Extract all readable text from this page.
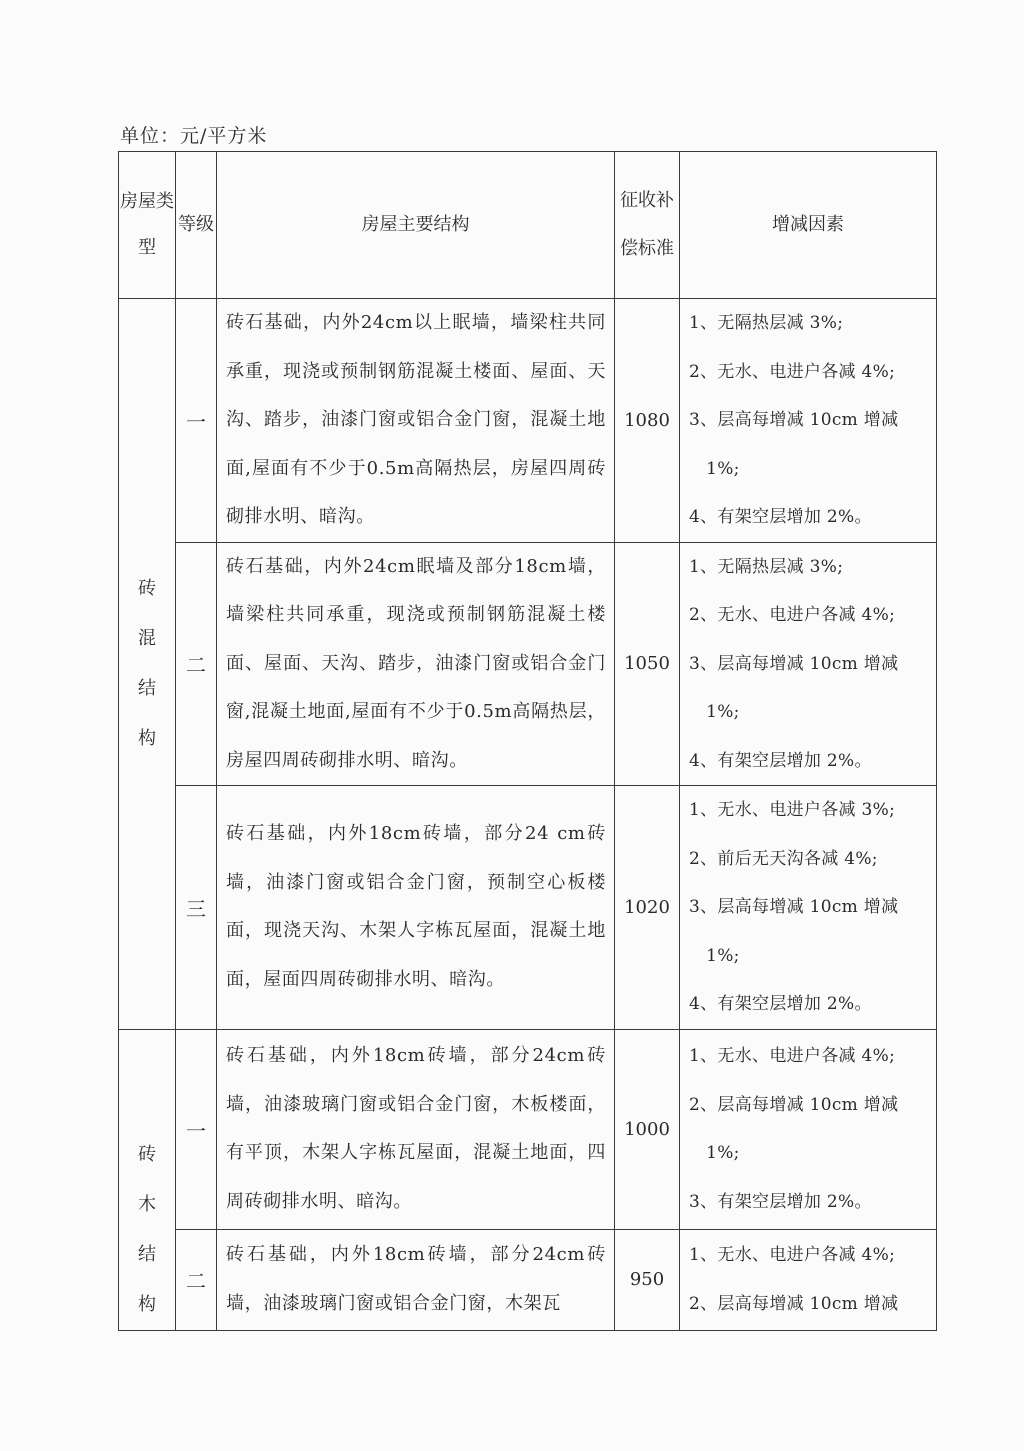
单位：元/平方米
房屋类型	等级	房屋主要结构	征收补偿标准	增减因素
砖混结构	一	砖石基础，内外24cm以上眠墙，墙梁柱共同承重，现浇或预制钢筋混凝土楼面、屋面、天沟、踏步，油漆门窗或铝合金门窗，混凝土地面,屋面有不少于0.5m高隔热层，房屋四周砖砌排水明、暗沟。	1080	1、无隔热层减 3%;
2、无水、电进户各减 4%;
3、层高每增减 10cm 增减
1%;
4、有架空层增加 2%。

	二	砖石基础，内外24cm眠墙及部分18cm墙，墙梁柱共同承重，现浇或预制钢筋混凝土楼面、屋面、天沟、踏步，油漆门窗或铝合金门窗,混凝土地面,屋面有不少于0.5m高隔热层，房屋四周砖砌排水明、暗沟。	1050	1、无隔热层减 3%;
2、无水、电进户各减 4%;
3、层高每增减 10cm 增减
1%;
4、有架空层增加 2%。

	三	砖石基础，内外18cm砖墙，部分24 cm砖墙，油漆门窗或铝合金门窗，预制空心板楼面，现浇天沟、木架人字栋瓦屋面，混凝土地面，屋面四周砖砌排水明、暗沟。	1020	1、无水、电进户各减 3%;
2、前后无天沟各减 4%;
3、层高每增减 10cm 增减
1%;
4、有架空层增加 2%。

砖木结构	一	砖石基础，内外18cm砖墙，部分24cm砖墙，油漆玻璃门窗或铝合金门窗，木板楼面，有平顶，木架人字栋瓦屋面，混凝土地面，四周砖砌排水明、暗沟。	1000	1、无水、电进户各减 4%;
2、层高每增减 10cm 增减
1%;
3、有架空层增加 2%。

	二	砖石基础，内外18cm砖墙，部分24cm砖墙，油漆玻璃门窗或铝合金门窗，木架瓦	950	1、无水、电进户各减 4%;
2、层高每增减 10cm 增减
